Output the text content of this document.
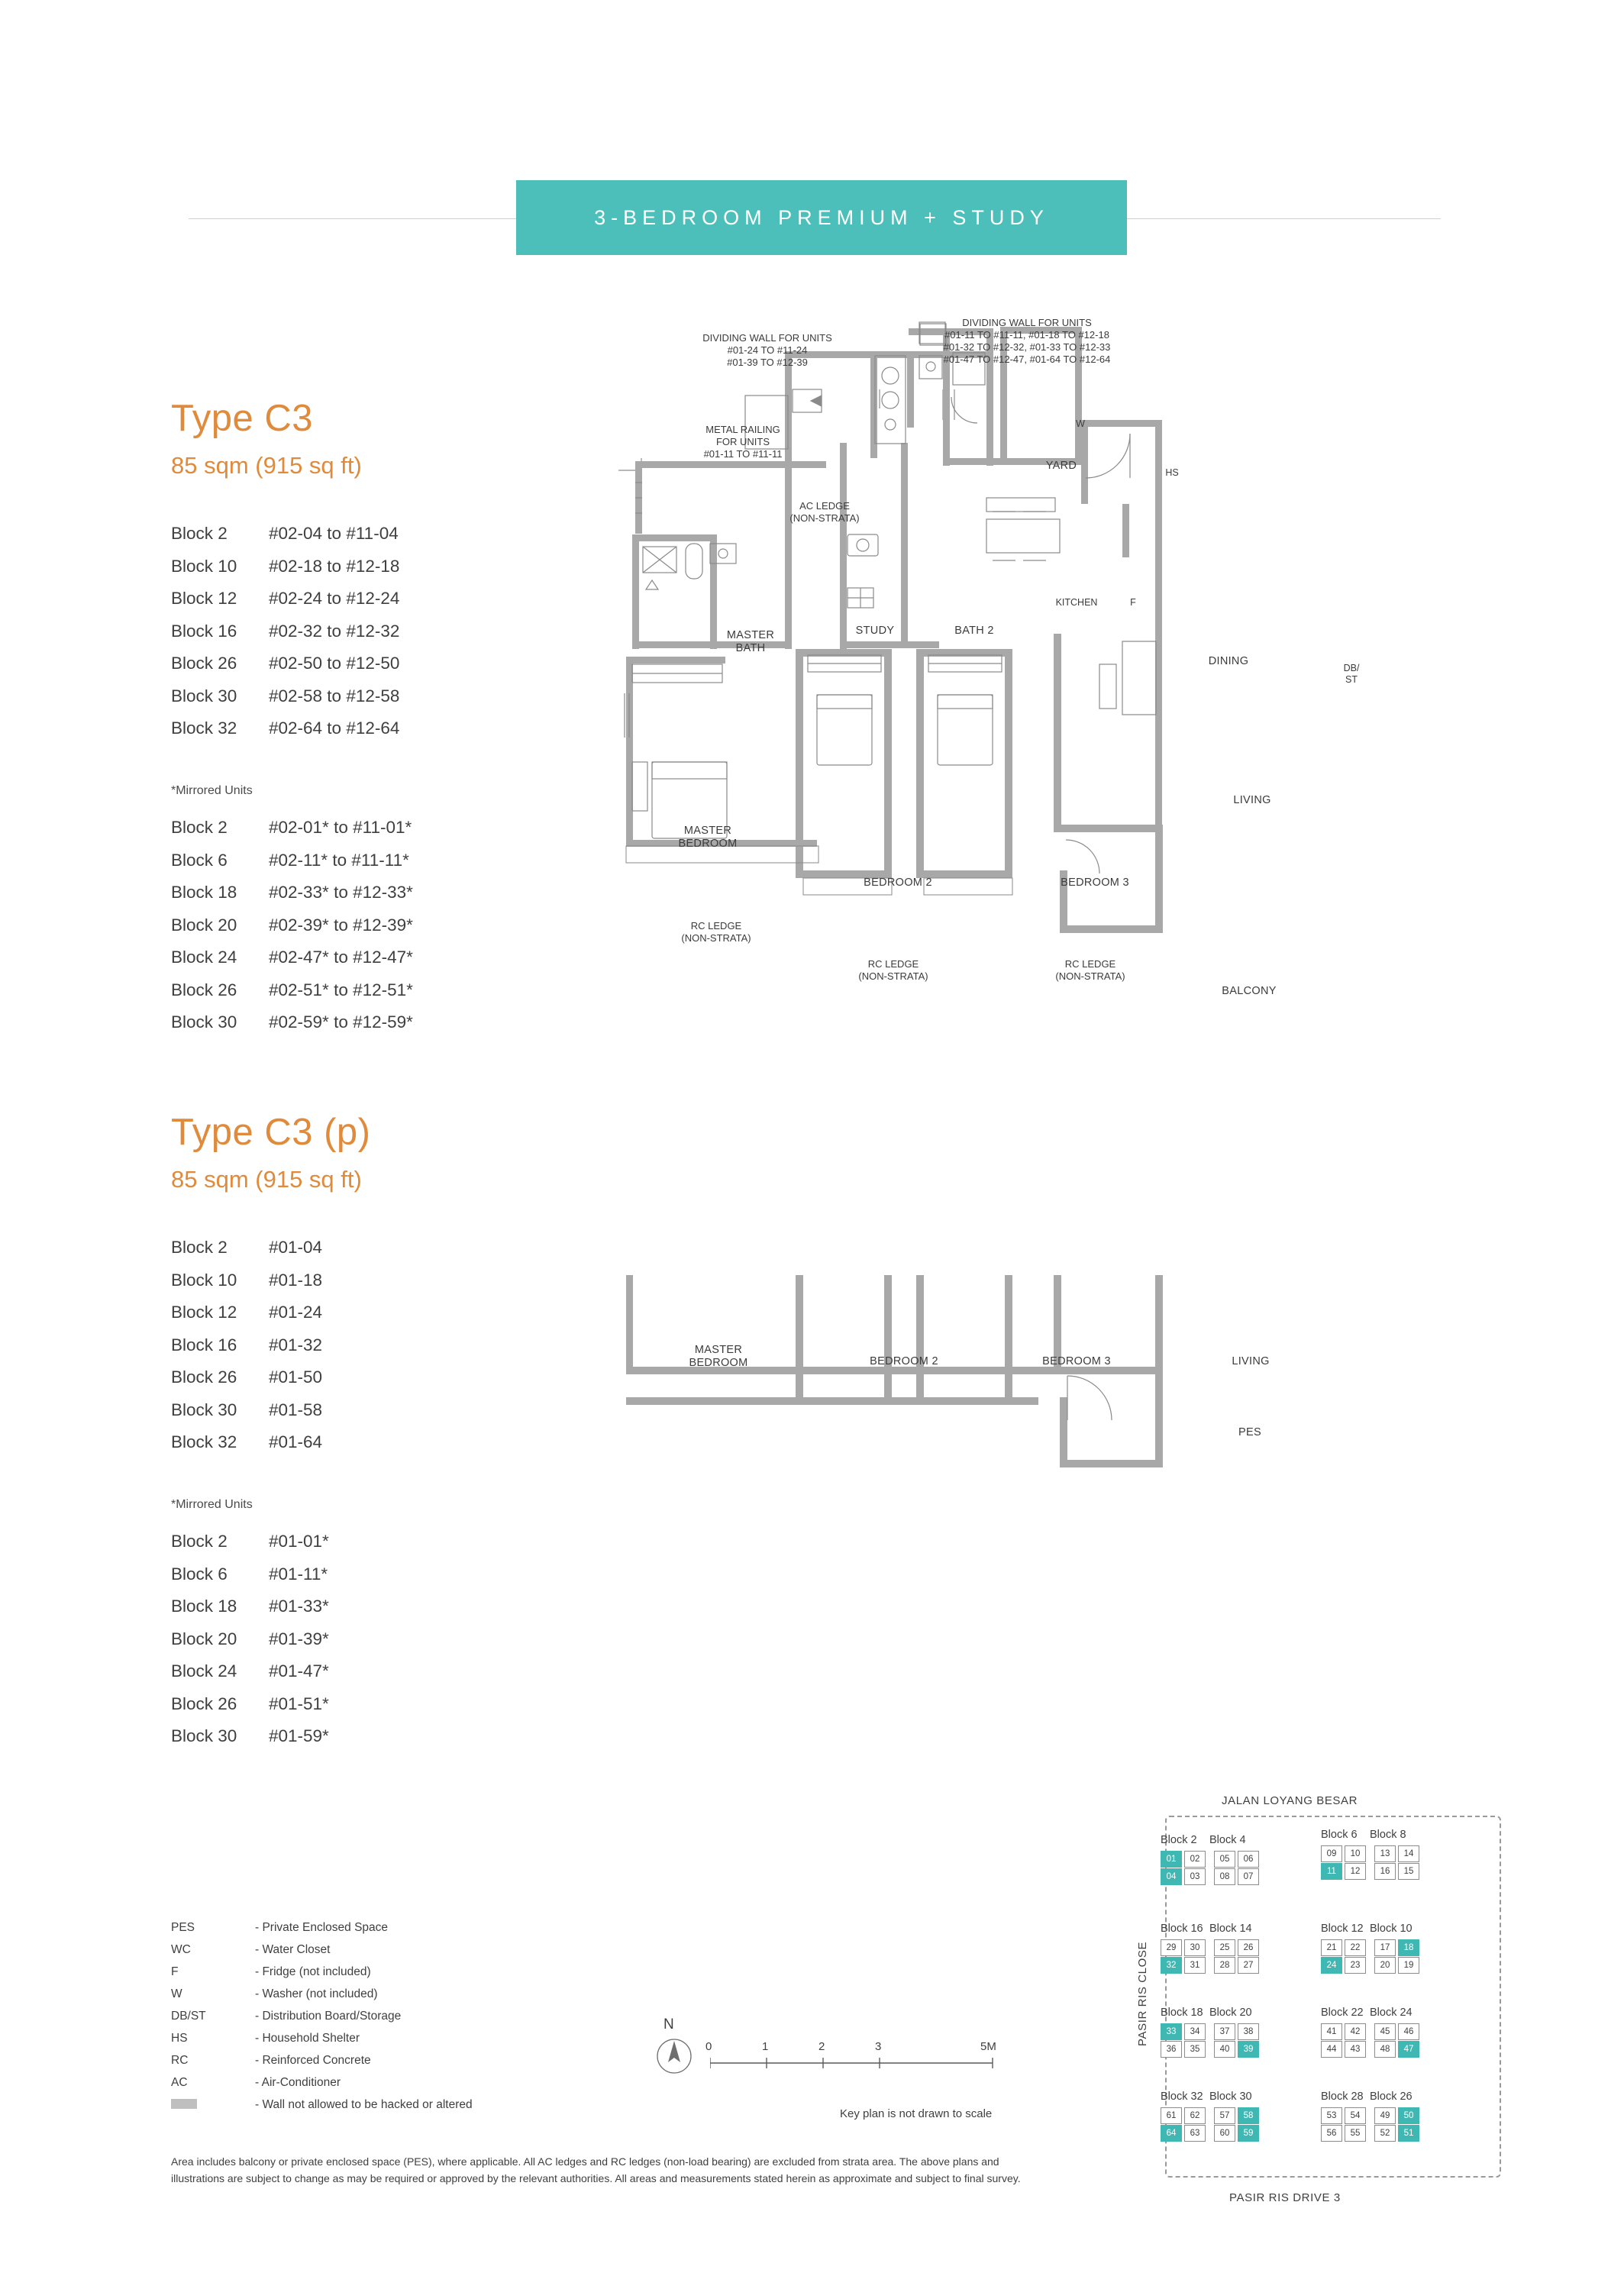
3-BEDROOM PREMIUM + STUDY
Type C3
85 sqm (915 sq ft)
Block 2	#02-04 to #11-04
Block 10	#02-18 to #12-18
Block 12	#02-24 to #12-24
Block 16	#02-32 to #12-32
Block 26	#02-50 to #12-50
Block 30	#02-58 to #12-58
Block 32	#02-64 to #12-64
*Mirrored Units
Block 2	#02-01* to #11-01*
Block 6	#02-11* to #11-11*
Block 18	#02-33* to #12-33*
Block 20	#02-39* to #12-39*
Block 24	#02-47* to #12-47*
Block 26	#02-51* to #12-51*
Block 30	#02-59* to #12-59*
Type C3 (p)
85 sqm (915 sq ft)
Block 2	#01-04
Block 10	#01-18
Block 12	#01-24
Block 16	#01-32
Block 26	#01-50
Block 30	#01-58
Block 32	#01-64
*Mirrored Units
Block 2	#01-01*
Block 6	#01-11*
Block 18	#01-33*
Block 20	#01-39*
Block 24	#01-47*
Block 26	#01-51*
Block 30	#01-59*
METAL RAILING
FOR UNITS
#01-11 TO #11-11
DIVIDING WALL FOR UNITS
#01-24 TO #11-24
#01-39 TO #12-39
DIVIDING WALL FOR UNITS
#01-11 TO #11-11, #01-18 TO #12-18
#01-32 TO #12-32, #01-33 TO #12-33
#01-47 TO #12-47, #01-64 TO #12-64
AC LEDGE
(NON-STRATA)
RC LEDGE
(NON-STRATA)
RC LEDGE
(NON-STRATA)
RC LEDGE
(NON-STRATA)
YARD
HS
W
KITCHEN	F
BATH 2
STUDY
MASTER
BATH
DINING
DB/
ST
MASTER
BEDROOM
BEDROOM 2	BEDROOM 3
LIVING
BALCONY
MASTER
BEDROOM	BEDROOM 2	BEDROOM 3	LIVING
PES
PES	- Private Enclosed Space
WC	- Water Closet
F	- Fridge (not included)
W	- Washer (not included)
DB/ST	- Distribution Board/Storage
HS	- Household Shelter
RC	- Reinforced Concrete
AC	- Air-Conditioner
- Wall not allowed to be hacked or altered
N
0	1	2	3	5M
Key plan is not drawn to scale
Area includes balcony or private enclosed space (PES), where applicable. All AC ledges and RC ledges (non-load bearing) are excluded from strata area. The above plans and illustrations are subject to change as may be required or approved by the relevant authorities. All areas and measurements stated herein as approximate and subject to final survey.
JALAN LOYANG BESAR
PASIR RIS CLOSE
PASIR RIS DRIVE 3
Block 2 Block 4
01	02	05	06
04	03	08	07
Block 6 Block 8
09	10	13	14
11	12	16	15
Block 16 Block 14
29	30	25	26
32	31	28	27
Block 12 Block 10
21	22	17	18
24	23	20	19
Block 18 Block 20
33	34	37	38
36	35	40	39
Block 22 Block 24
41	42	45	46
44	43	48	47
Block 32 Block 30
61	62	57	58
64	63	60	59
Block 28 Block 26
53	54	49	50
56	55	52	51
